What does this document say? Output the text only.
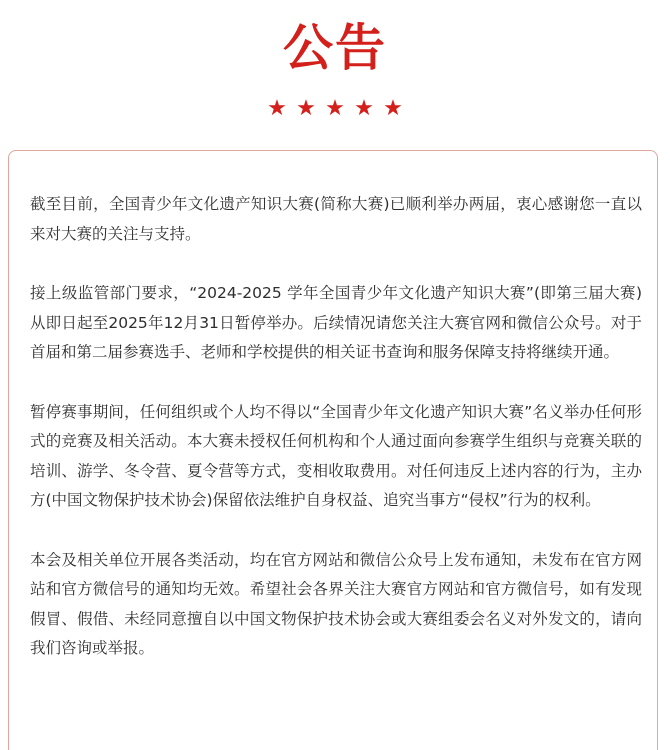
公告
★ ★ ★ ★ ★

截至目前，全国青少年文化遗产知识大赛(简称大赛)已顺利举办两届，衷心感谢您一直以来对大赛的关注与支持。

接上级监管部门要求，“2024-2025 学年全国青少年文化遗产知识大赛”(即第三届大赛)从即日起至2025年12月31日暂停举办。后续情况请您关注大赛官网和微信公众号。对于首届和第二届参赛选手、老师和学校提供的相关证书查询和服务保障支持将继续开通。

暂停赛事期间，任何组织或个人均不得以“全国青少年文化遗产知识大赛”名义举办任何形式的竞赛及相关活动。本大赛未授权任何机构和个人通过面向参赛学生组织与竞赛关联的培训、游学、冬令营、夏令营等方式，变相收取费用。对任何违反上述内容的行为，主办方(中国文物保护技术协会)保留依法维护自身权益、追究当事方“侵权”行为的权利。

本会及相关单位开展各类活动，均在官方网站和微信公众号上发布通知，未发布在官方网站和官方微信号的通知均无效。希望社会各界关注大赛官方网站和官方微信号，如有发现假冒、假借、未经同意擅自以中国文物保护技术协会或大赛组委会名义对外发文的，请向我们咨询或举报。
